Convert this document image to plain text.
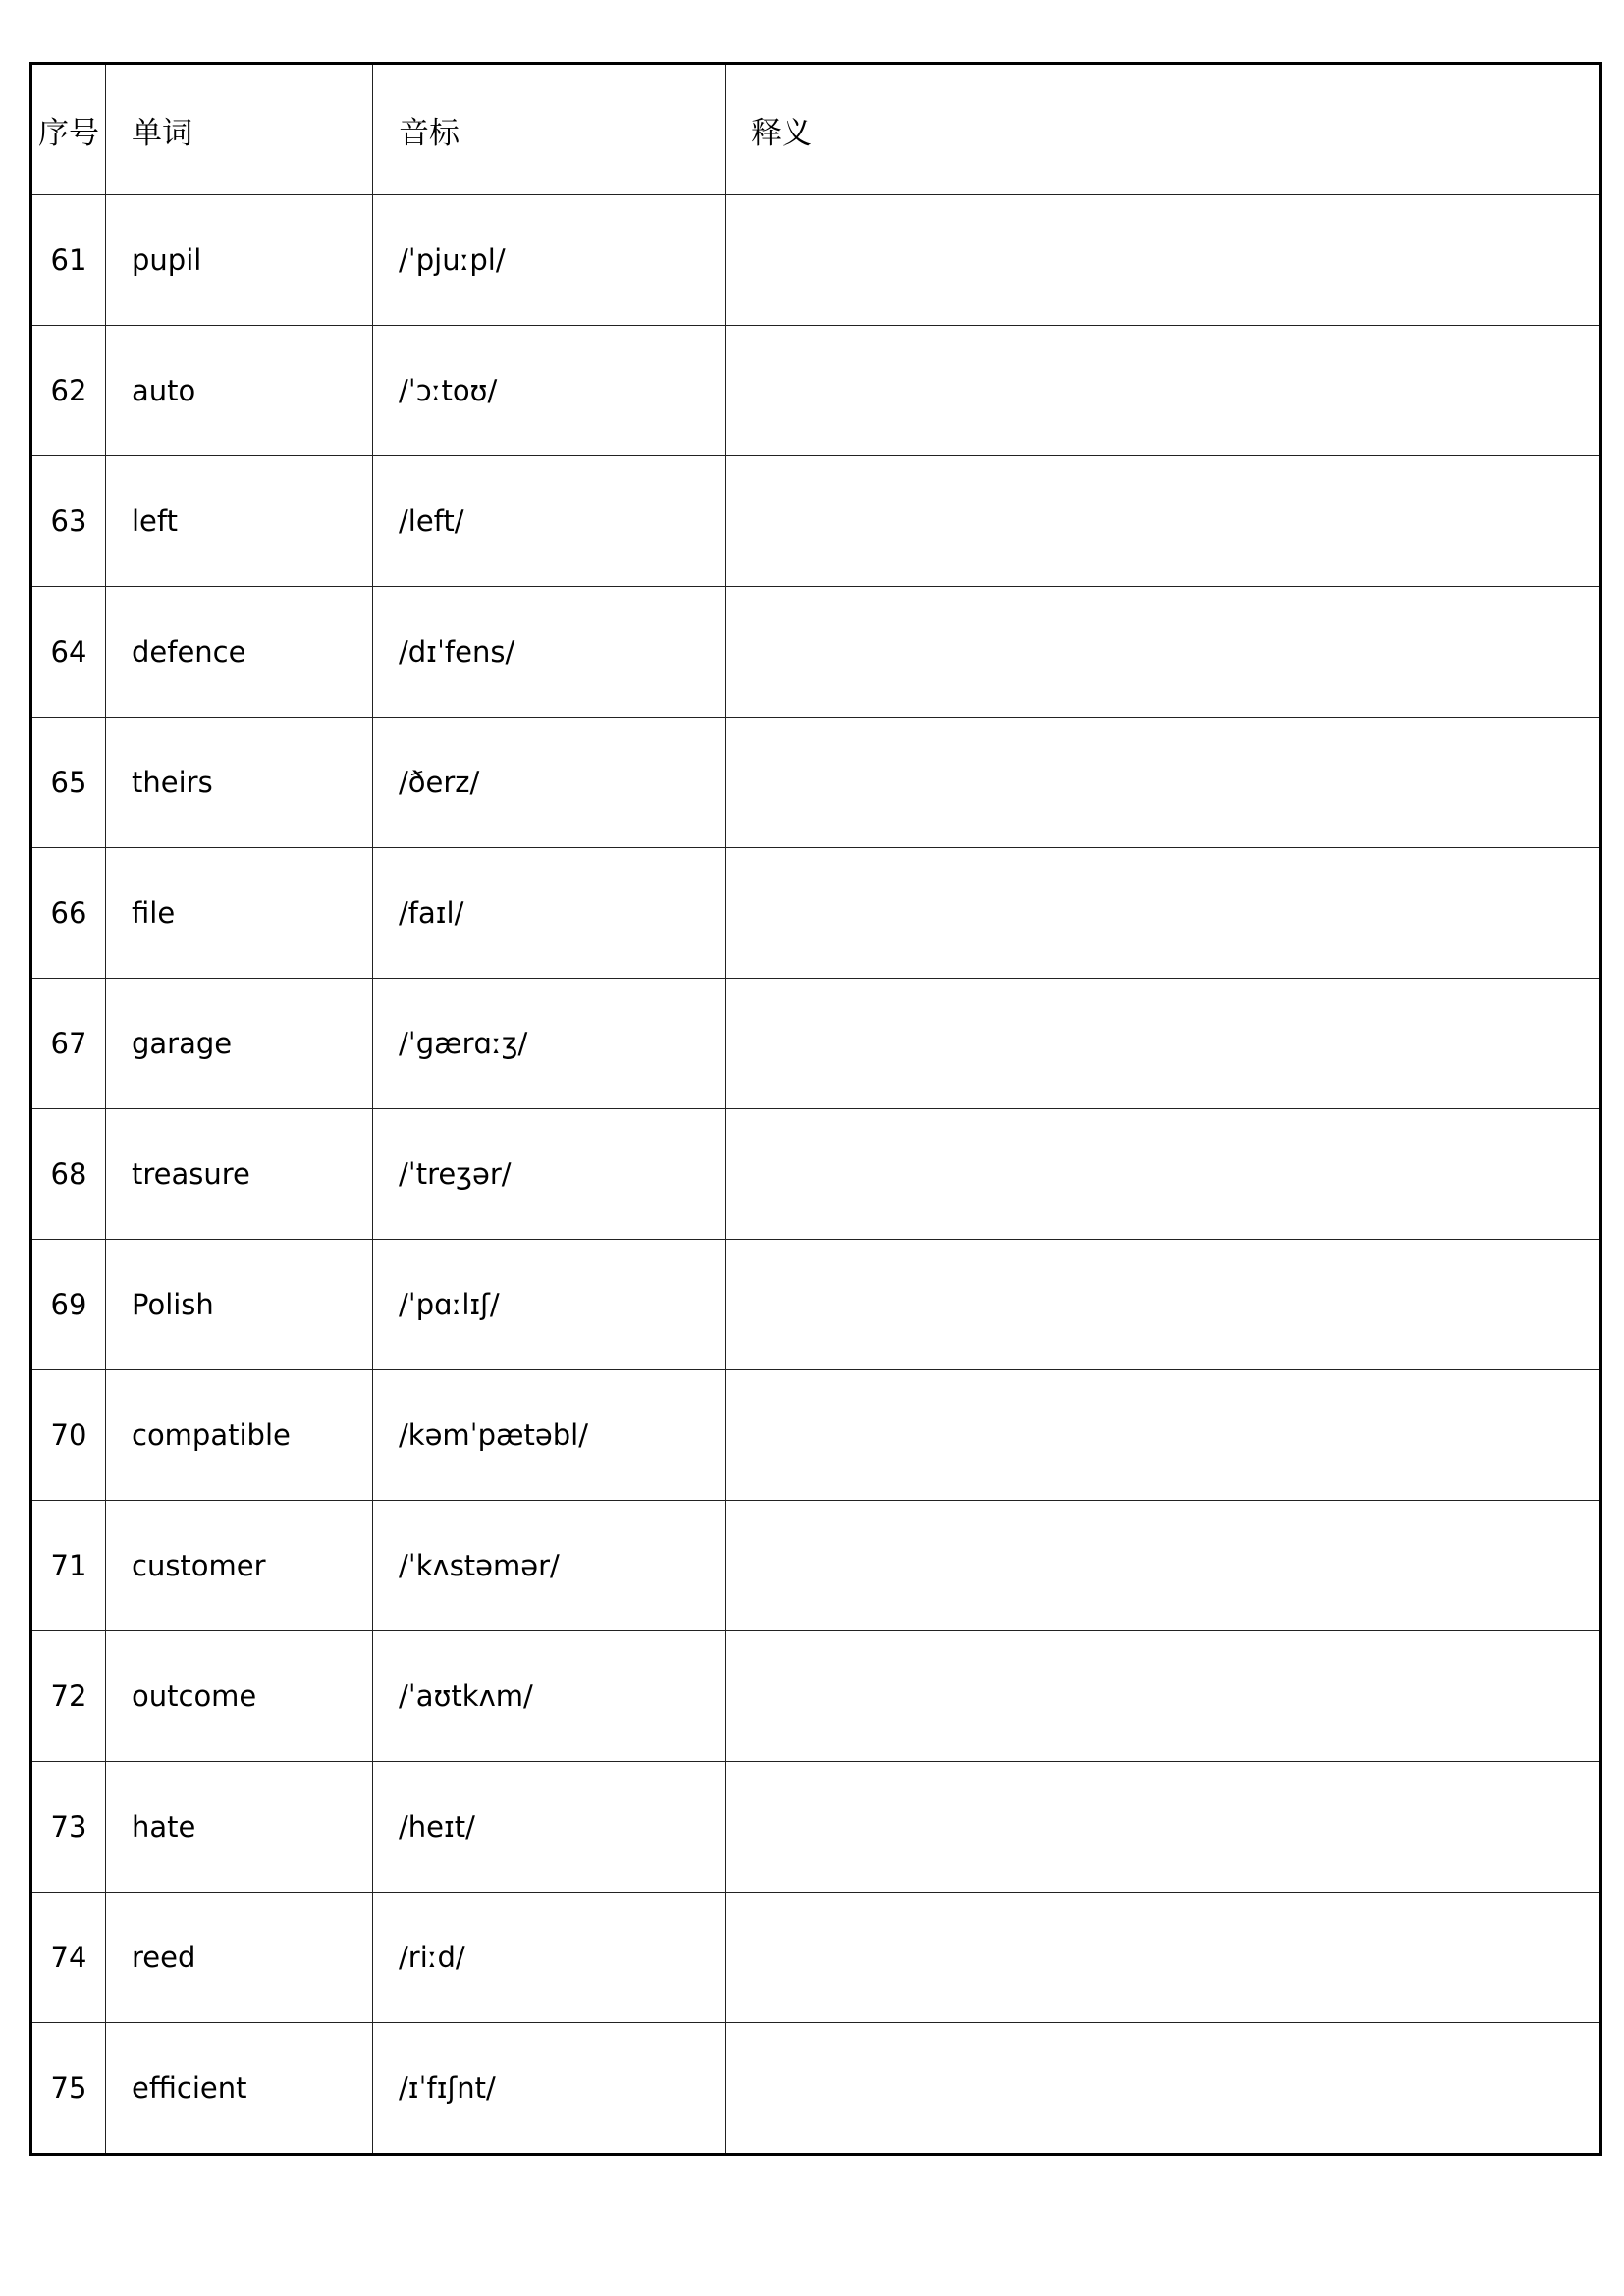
序号	单词	音标	释义
61	pupil	/ˈpjuːpl/	
62	auto	/ˈɔːtoʊ/	
63	left	/left/	
64	defence	/dɪˈfens/	
65	theirs	/ðerz/	
66	file	/faɪl/	
67	garage	/ˈɡærɑːʒ/	
68	treasure	/ˈtreʒər/	
69	Polish	/ˈpɑːlɪʃ/	
70	compatible	/kəmˈpætəbl/	
71	customer	/ˈkʌstəmər/	
72	outcome	/ˈaʊtkʌm/	
73	hate	/heɪt/	
74	reed	/riːd/	
75	efficient	/ɪˈfɪʃnt/	
